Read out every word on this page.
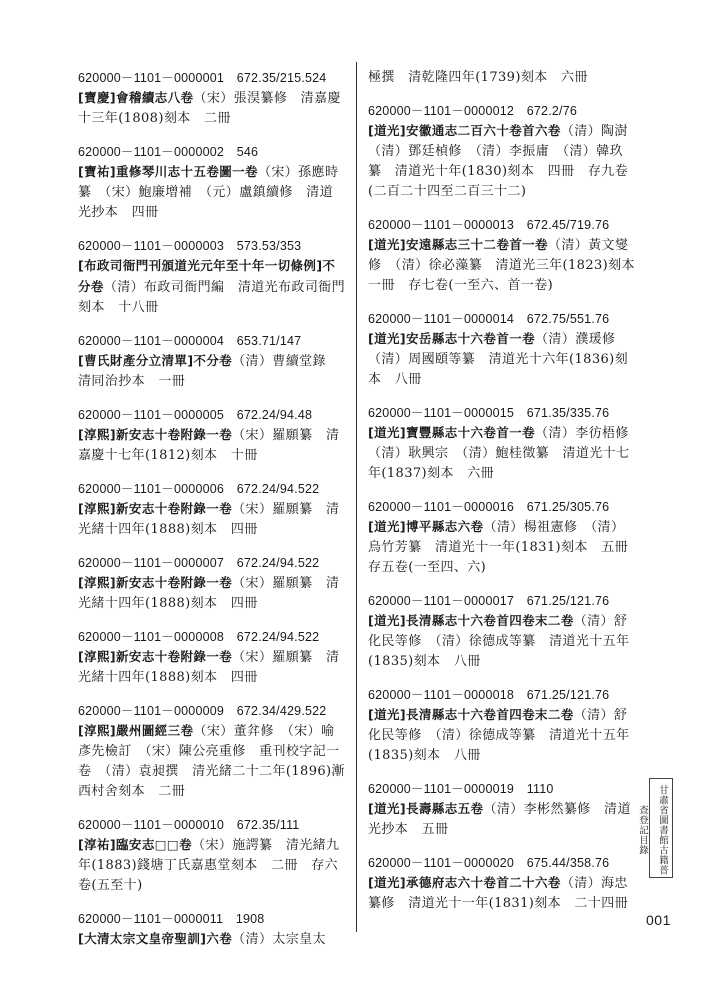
620000－1101－0000001　672.35/215.524
[寶慶]會稽續志八卷（宋）張淏纂修　清嘉慶十三年(1808)刻本　二冊
620000－1101－0000002　546
[寶祐]重修琴川志十五卷圖一卷（宋）孫應時纂　（宋）鮑廉增補　（元）盧鎮續修　清道光抄本　四冊
620000－1101－0000003　573.53/353
[布政司衙門刊頒道光元年至十年一切條例]不分卷（清）布政司衙門編　清道光布政司衙門刻本　十八冊
620000－1101－0000004　653.71/147
[曹氏財產分立清單]不分卷（清）曹續堂錄　清同治抄本　一冊
620000－1101－0000005　672.24/94.48
[淳熙]新安志十卷附錄一卷（宋）羅願纂　清嘉慶十七年(1812)刻本　十冊
620000－1101－0000006　672.24/94.522
[淳熙]新安志十卷附錄一卷（宋）羅願纂　清光緒十四年(1888)刻本　四冊
620000－1101－0000007　672.24/94.522
[淳熙]新安志十卷附錄一卷（宋）羅願纂　清光緒十四年(1888)刻本　四冊
620000－1101－0000008　672.24/94.522
[淳熙]新安志十卷附錄一卷（宋）羅願纂　清光緒十四年(1888)刻本　四冊
620000－1101－0000009　672.34/429.522
[淳熙]嚴州圖經三卷（宋）董弅修　（宋）喻彥先檢訂　（宋）陳公亮重修　重刊校字記一卷　（清）袁昶撰　清光緒二十二年(1896)漸西村舍刻本　二冊
620000－1101－0000010　672.35/111
[淳祐]臨安志□□卷（宋）施諤纂　清光緒九年(1883)錢塘丁氏嘉惠堂刻本　二冊　存六卷(五至十)
620000－1101－0000011　1908
[大清太宗文皇帝聖訓]六卷（清）太宗皇太
極撰　清乾隆四年(1739)刻本　六冊
620000－1101－0000012　672.2/76
[道光]安徽通志二百六十卷首六卷（清）陶澍　（清）鄧廷楨修　（清）李振庸　（清）韓玖纂　清道光十年(1830)刻本　四冊　存九卷(二百二十四至二百三十二)
620000－1101－0000013　672.45/719.76
[道光]安遠縣志三十二卷首一卷（清）黃文燮修　（清）徐必藻纂　清道光三年(1823)刻本　一冊　存七卷(一至六、首一卷)
620000－1101－0000014　672.75/551.76
[道光]安岳縣志十六卷首一卷（清）濮瑗修　（清）周國頤等纂　清道光十六年(1836)刻本　八冊
620000－1101－0000015　671.35/335.76
[道光]寶豐縣志十六卷首一卷（清）李彷梧修　（清）耿興宗　（清）鮑桂徵纂　清道光十七年(1837)刻本　六冊
620000－1101－0000016　671.25/305.76
[道光]博平縣志六卷（清）楊祖憲修　（清）烏竹芳纂　清道光十一年(1831)刻本　五冊　存五卷(一至四、六)
620000－1101－0000017　671.25/121.76
[道光]長清縣志十六卷首四卷末二卷（清）舒化民等修　（清）徐德成等纂　清道光十五年(1835)刻本　八冊
620000－1101－0000018　671.25/121.76
[道光]長清縣志十六卷首四卷末二卷（清）舒化民等修　（清）徐德成等纂　清道光十五年(1835)刻本　八冊
620000－1101－0000019　1110
[道光]長壽縣志五卷（清）李彬然纂修　清道光抄本　五冊
620000－1101－0000020　675.44/358.76
[道光]承德府志六十卷首二十六卷（清）海忠纂修　清道光十一年(1831)刻本　二十四冊
甘肅省圖書館古籍普查登記目錄
001
